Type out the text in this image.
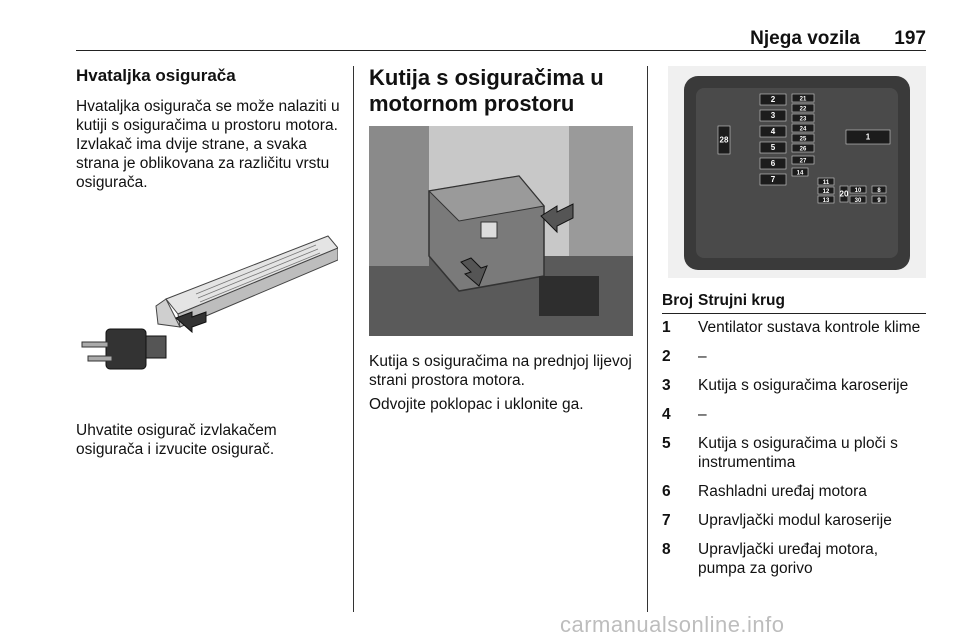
Njega vozila	197
Hvataljka osigurača
Hvataljka osigurača se može nalaziti u kutiji s osiguračima u prostoru motora. Izvlakač ima dvije strane, a svaka strana je oblikovana za različitu vrstu osigurača.
Uhvatite osigurač izvlakačem osigurača i izvucite osigurač.
Kutija s osiguračima u motornom prostoru
Kutija s osiguračima na prednjoj lijevoj strani prostora motora.
Odvojite poklopac i uklonite ga.
2
3
4
5
6
7
21
22
23
24
25
26
27
14
1
11
12
13
10
20
30
8
9
28
Broj	Strujni krug
1	Ventilator sustava kontrole klime
2	–
3	Kutija s osiguračima karoserije
4	–
5	Kutija s osiguračima u ploči s instrumentima
6	Rashladni uređaj motora
7	Upravljački modul karoserije
8	Upravljački uređaj motora, pumpa za gorivo
carmanualsonline.info
